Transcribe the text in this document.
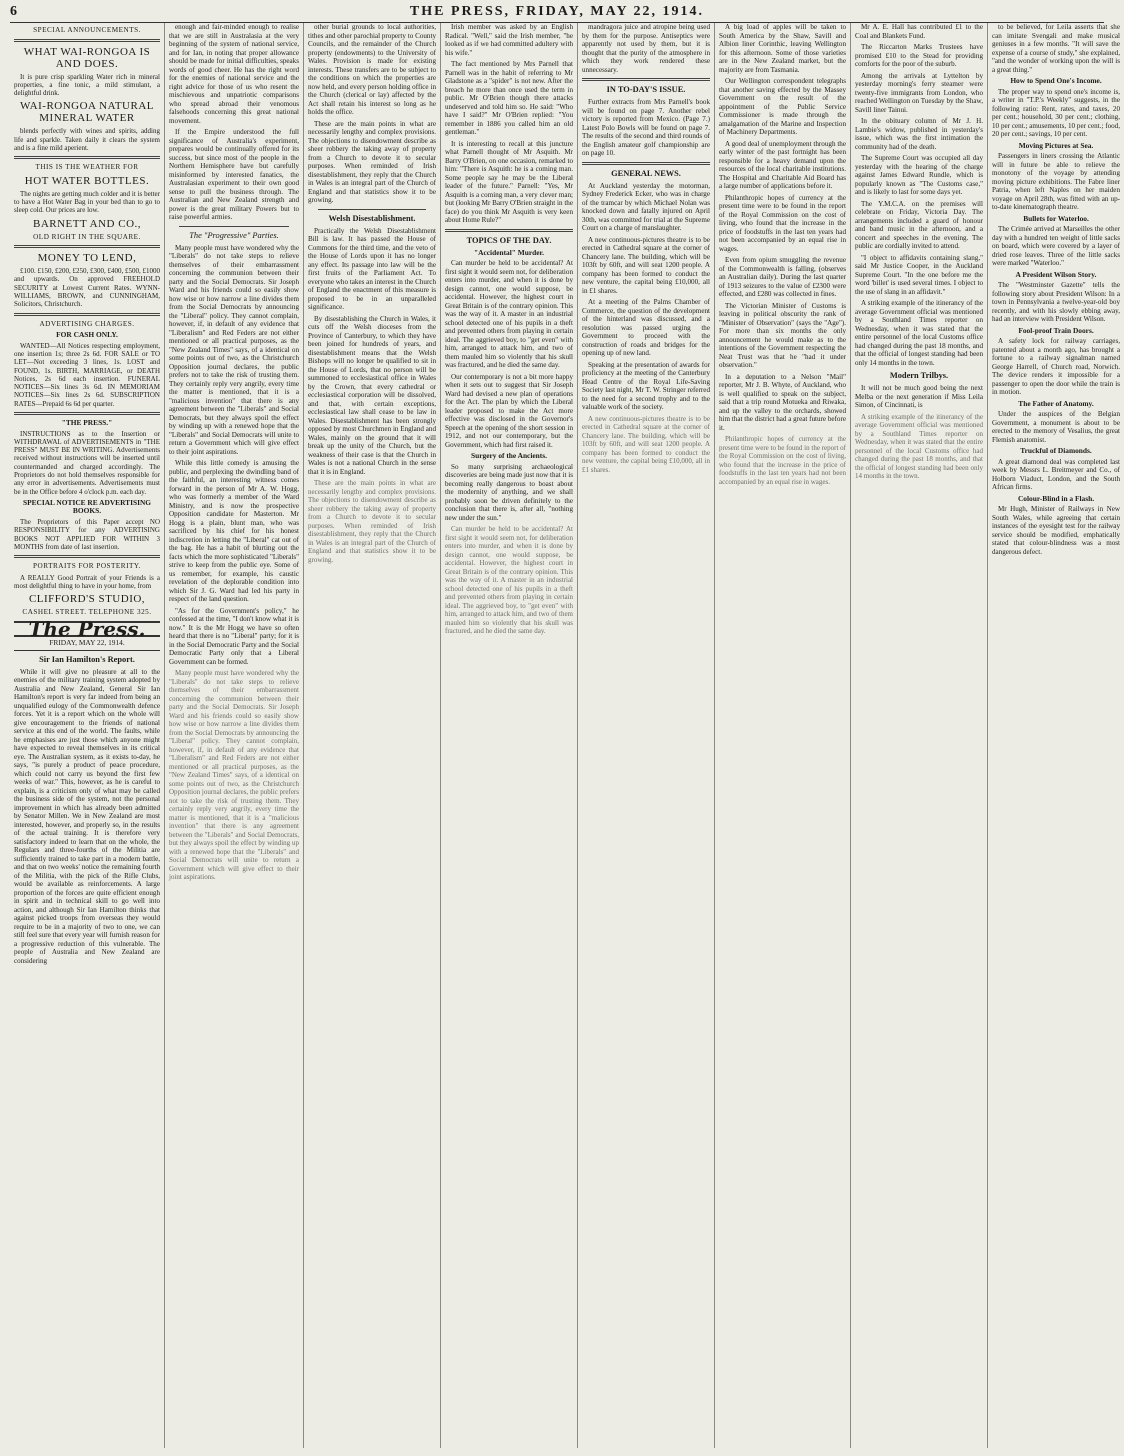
6	THE PRESS, FRIDAY, MAY 22, 1914.
SPECIAL ANNOUNCEMENTS.
WHAT WAI-RONGOA IS AND DOES.

It is pure crisp sparkling Water rich in mineral properties, a fine tonic, a mild stimulant, a delightful drink.

WAI-RONGOA NATURAL MINERAL WATER

blends perfectly with wines and spirits, adding life and sparkle. Taken daily it clears the system and is a fine mild aperient.

THIS IS THE WEATHER FOR
HOT WATER BOTTLES.

The nights are getting much colder and it is better to have a Hot Water Bag in your bed than to go to sleep cold. Our prices are low.

BARNETT AND CO.,
OLD RIGHT IN THE SQUARE.
MONEY TO LEND,

£100. £150, £200, £250, £300, £400, £500, £1000 and upwards. On approved FREEHOLD SECURITY at Lowest Current Rates. WYNN-WILLIAMS, BROWN, and CUNNINGHAM, Solicitors, Christchurch.

ADVERTISING CHARGES.
FOR CASH ONLY.

WANTED—All Notices respecting employment, one insertion 1s; three 2s 6d. FOR SALE or TO LET—Not exceeding 3 lines, 1s. LOST and FOUND, 1s. BIRTH, MARRIAGE, or DEATH Notices, 2s 6d each insertion. FUNERAL NOTICES—Six lines 3s 6d. IN MEMORIAM NOTICES—Six lines 2s 6d. SUBSCRIPTION RATES—Prepaid 6s 6d per quarter.

"THE PRESS."

INSTRUCTIONS as to the Insertion or WITHDRAWAL of ADVERTISEMENTS in "THE PRESS" MUST BE IN WRITING. Advertisements received without instructions will be inserted until countermanded and charged accordingly. The Proprietors do not hold themselves responsible for any error in advertisements. Advertisements must be in the Office before 4 o'clock p.m. each day.

SPECIAL NOTICE RE ADVERTISING BOOKS.

The Proprietors of this Paper accept NO RESPONSIBILITY for any ADVERTISING BOOKS NOT APPLIED FOR WITHIN 3 MONTHS from date of last insertion.

PORTRAITS FOR POSTERITY.

A REALLY Good Portrait of your Friends is a most delightful thing to have in your home, from

CLIFFORD'S STUDIO,
CASHEL STREET. TELEPHONE 325.
The Press.
FRIDAY, MAY 22, 1914.
Sir Ian Hamilton's Report.

While it will give no pleasure at all to the enemies of the military training system adopted by Australia and New Zealand, General Sir Ian Hamilton's report is very far indeed from being an unqualified eulogy of the Commonwealth defence forces. Yet it is a report which on the whole will give encouragement to the friends of national service at this end of the world. The faults, while he emphasises are just those which anyone might have expected to reveal themselves in its critical eye. The Australian system, as it exists to-day, he says, "is purely a product of peace procedure, which could not carry us beyond the first few weeks of war." This, however, as he is careful to explain, is a criticism only of what may be called the business side of the system, not the personal improvement in which has already been admitted by Senator Millen. We in New Zealand are most interested, however, and properly so, in the results of the actual training. It is therefore very satisfactory indeed to learn that on the whole, the Regulars and three-fourths of the Militia are sufficiently trained to take part in a modern battle, and that on two weeks' notice the remaining fourth of the Militia, with the pick of the Rifle Clubs, would be available as reinforcements. A large proportion of the forces are quite efficient enough in spirit and in technical skill to go well into action, and although Sir Ian Hamilton thinks that against picked troops from overseas they would require to be in a majority of two to one, we can still feel sure that every year will furnish reason for a progressive reduction of this vulnerable. The people of Australia and New Zealand are considering

enough and fair-minded enough to realise that we are still in Australasia at the very beginning of the system of national service, and for Ian, in noting that proper allowance should be made for initial difficulties, speaks words of good cheer. He has the right word for the enemies of national service and the right advice for those of us who resent the mischievous and unpatriotic comparisons who spread abroad their venomous falsehoods concerning this great national movement.

If the Empire understood the full significance of Australia's experiment, prepares would be continually offered for its success, but since most of the people in the Northern Hemisphere have but carefully misinformed by interested fanatics, the Australasian experiment to their own good sense to pull the business through. The Australian and New Zealand strength and power is the great military Powers but to raise powerful armies.

The "Progressive" Parties.

Many people must have wondered why the "Liberals" do not take steps to relieve themselves of their embarrassment concerning the communion between their party and the Social Democrats. Sir Joseph Ward and his friends could so easily show how wise or how narrow a line divides them from the Social Democrats by announcing the "Liberal" policy. They cannot complain, however, if, in default of any evidence that "Liberalism" and Red Feders are not either mentioned or all practical purposes, as the "New Zealand Times" says, of a identical on some points out of two, as the Christchurch Opposition journal declares, the public prefers not to take the risk of trusting them. They certainly reply very angrily, every time the matter is mentioned, that it is a "malicious invention" that there is any agreement between the "Liberals" and Social Democrats, but they always spoil the effect by winding up with a renewed hope that the "Liberals" and Social Democrats will unite to return a Government which will give effect to their joint aspirations.

While this little comedy is amusing the public, and perplexing the dwindling band of the faithful, an interesting witness comes forward in the person of Mr A. W. Hogg, who was formerly a member of the Ward Ministry, and is now the prospective Opposition candidate for Masterton. Mr Hogg is a plain, blunt man, who was sacrificed by his chief for his honest indiscretion in letting the "Liberal" cat out of the bag. He has a habit of blurting out the facts which the more sophisticated "Liberals" strive to keep from the public eye. Some of us remember, for example, his caustic revelation of the deplorable condition into which Sir J. G. Ward had led his party in respect of the land question.

"As for the Government's policy," he confessed at the time, "I don't know what it is now." It is the Mr Hogg we have so often heard that there is no "Liberal" party; for it is in the Social Democratic Party and the Social Democratic Party only that a Liberal Government can be formed.

Many people must have wondered why the "Liberals" do not take steps to relieve themselves of their embarrassment concerning the communion between their party and the Social Democrats. Sir Joseph Ward and his friends could so easily show how wise or how narrow a line divides them from the Social Democrats by announcing the "Liberal" policy. They cannot complain, however, if, in default of any evidence that "Liberalism" and Red Feders are not either mentioned or all practical purposes, as the "New Zealand Times" says, of a identical on some points out of two, as the Christchurch Opposition journal declares, the public prefers not to take the risk of trusting them. They certainly reply very angrily, every time the matter is mentioned, that it is a "malicious invention" that there is any agreement between the "Liberals" and Social Democrats, but they always spoil the effect by winding up with a renewed hope that the "Liberals" and Social Democrats will unite to return a Government which will give effect to their joint aspirations.

other burial grounds to local authorities, tithes and other parochial property to County Councils, and the remainder of the Church property (endowments) to the University of Wales. Provision is made for existing interests. These transfers are to be subject to the conditions on which the properties are now held, and every person holding office in the Church (clerical or lay) affected by the Act shall retain his interest so long as he holds the office.

These are the main points in what are necessarily lengthy and complex provisions. The objections to disendowment describe as sheer robbery the taking away of property from a Church to devote it to secular purposes. When reminded of Irish disestablishment, they reply that the Church in Wales is an integral part of the Church of England and that statistics show it to be growing.

Welsh Disestablishment.

Practically the Welsh Disestablishment Bill is law. It has passed the House of Commons for the third time, and the veto of the House of Lords upon it has no longer any effect. Its passage into law will be the first fruits of the Parliament Act. To everyone who takes an interest in the Church of England the enactment of this measure is proposed to be in an unparalleled significance.

By disestablishing the Church in Wales, it cuts off the Welsh dioceses from the Province of Canterbury, to which they have been joined for hundreds of years, and disestablishment means that the Welsh Bishops will no longer be qualified to sit in the House of Lords, that no person will be summoned to ecclesiastical office in Wales by the Crown, that every cathedral or ecclesiastical corporation will be dissolved, and that, with certain exceptions, ecclesiastical law shall cease to be law in Wales. Disestablishment has been strongly opposed by most Churchmen in England and Wales, mainly on the ground that it will break up the unity of the Church, but the weakness of their case is that the Church in Wales is not a national Church in the sense that it is in England.

These are the main points in what are necessarily lengthy and complex provisions. The objections to disendowment describe as sheer robbery the taking away of property from a Church to devote it to secular purposes. When reminded of Irish disestablishment, they reply that the Church in Wales is an integral part of the Church of England and that statistics show it to be growing.

Irish member was asked by an English Radical. "Well," said the Irish member, "he looked as if we had committed adultery with his wife."

The fact mentioned by Mrs Parnell that Parnell was in the habit of referring to Mr Gladstone as a "spider" is not new. After the breach he more than once used the term in public. Mr O'Brien though there attacks undeserved and told him so. He said: "Who have I said?" Mr O'Brien replied: "You remember in 1886 you called him an old gentleman."

It is interesting to recall at this juncture what Parnell thought of Mr Asquith. Mr Barry O'Brien, on one occasion, remarked to him: "There is Asquith: he is a coming man. Some people say he may be the Liberal leader of the future." Parnell: "Yes, Mr Asquith is a coming man, a very clever man; but (looking Mr Barry O'Brien straight in the face) do you think Mr Asquith is very keen about Home Rule?"

TOPICS OF THE DAY.
"Accidental" Murder.

Can murder be held to be accidental? At first sight it would seem not, for deliberation enters into murder, and when it is done by design cannot, one would suppose, be accidental. However, the highest court in Great Britain is of the contrary opinion. This was the way of it. A master in an industrial school detected one of his pupils in a theft and prevented others from playing in certain ideal. The aggrieved boy, to "get even" with him, arranged to attack him, and two of them mauled him so violently that his skull was fractured, and he died the same day.

Our contemporary is not a bit more happy when it sets out to suggest that Sir Joseph Ward had devised a new plan of operations for the Act. The plan by which the Liberal leader proposed to make the Act more effective was disclosed in the Governor's Speech at the opening of the short session in 1912, and not our contemporary, but the Government, which had first raised it.

Surgery of the Ancients.

So many surprising archaeological discoveries are being made just now that it is becoming really dangerous to boast about the modernity of anything, and we shall probably soon be driven definitely to the conclusion that there is, after all, "nothing new under the sun."

Can murder be held to be accidental? At first sight it would seem not, for deliberation enters into murder, and when it is done by design cannot, one would suppose, be accidental. However, the highest court in Great Britain is of the contrary opinion. This was the way of it. A master in an industrial school detected one of his pupils in a theft and prevented others from playing in certain ideal. The aggrieved boy, to "get even" with him, arranged to attack him, and two of them mauled him so violently that his skull was fractured, and he died the same day.

mandragora juice and atropine being used by them for the purpose. Antiseptics were apparently not used by them, but it is thought that the purity of the atmosphere in which they work rendered these unnecessary.

IN TO-DAY'S ISSUE.

Further extracts from Mrs Parnell's book will be found on page 7. Another rebel victory is reported from Mexico. (Page 7.) Latest Polo Bowls will be found on page 7. The results of the second and third rounds of the English amateur golf championship are on page 10.

GENERAL NEWS.

At Auckland yesterday the motorman, Sydney Frederick Ecker, who was in charge of the tramcar by which Michael Nolan was knocked down and fatally injured on April 30th, was committed for trial at the Supreme Court on a charge of manslaughter.

A new continuous-pictures theatre is to be erected in Cathedral square at the corner of Chancery lane. The building, which will be 103ft by 60ft, and will seat 1200 people. A company has been formed to conduct the new venture, the capital being £10,000, all in £1 shares.

At a meeting of the Palms Chamber of Commerce, the question of the development of the hinterland was discussed, and a resolution was passed urging the Government to proceed with the construction of roads and bridges for the opening up of new land.

Speaking at the presentation of awards for proficiency at the meeting of the Canterbury Head Centre of the Royal Life-Saving Society last night, Mr T. W. Stringer referred to the need for a second trophy and to the valuable work of the society.

A new continuous-pictures theatre is to be erected in Cathedral square at the corner of Chancery lane. The building, which will be 103ft by 60ft, and will seat 1200 people. A company has been formed to conduct the new venture, the capital being £10,000, all in £1 shares.

A big load of apples will be taken to South America by the Shaw, Savill and Albion liner Corinthic, leaving Wellington for this afternoon. Some of those varieties are in the New Zealand market, but the majority are from Tasmania.

Our Wellington correspondent telegraphs that another saving effected by the Massey Government on the result of the appointment of the Public Service Commissioner is made through the amalgamation of the Marine and Inspection of Machinery Departments.

A good deal of unemployment through the early winter of the past fortnight has been responsible for a heavy demand upon the resources of the local charitable institutions. The Hospital and Charitable Aid Board has a large number of applications before it.

Philanthropic hopes of currency at the present time were to be found in the report of the Royal Commission on the cost of living, who found that the increase in the price of foodstuffs in the last ten years had not been accompanied by an equal rise in wages.

Even from opium smuggling the revenue of the Commonwealth is falling, (observes an Australian daily). During the last quarter of 1913 seizures to the value of £2300 were effected, and £280 was collected in fines.

The Victorian Minister of Customs is leaving in political obscurity the rank of "Minister of Observation" (says the "Age"). For more than six months the only announcement he would make as to the intentions of the Government respecting the Neat Trust was that he "had it under observation."

In a deputation to a Nelson "Mail" reporter, Mr J. B. Whyte, of Auckland, who is well qualified to speak on the subject, said that a trip round Motueka and Riwaka, and up the valley to the orchards, showed him that the district had a great future before it.

Philanthropic hopes of currency at the present time were to be found in the report of the Royal Commission on the cost of living, who found that the increase in the price of foodstuffs in the last ten years had not been accompanied by an equal rise in wages.

Mr A. E. Hall has contributed £1 to the Coal and Blankets Fund.

The Riccarton Marks Trustees have promised £10 to the Stead for providing comforts for the poor of the suburb.

Among the arrivals at Lyttelton by yesterday morning's ferry steamer were twenty-five immigrants from London, who reached Wellington on Tuesday by the Shaw, Savill liner Tainui.

In the obituary column of Mr J. H. Lambie's widow, published in yesterday's issue, which was the first intimation the community had of the death.

The Supreme Court was occupied all day yesterday with the hearing of the charge against James Edward Rundle, which is popularly known as "The Customs case," and is likely to last for some days yet.

The Y.M.C.A. on the premises will celebrate on Friday, Victoria Day. The arrangements included a guard of honour and band music in the afternoon, and a concert and speeches in the evening. The public are cordially invited to attend.

"I object to affidavits containing slang," said Mr Justice Cooper, in the Auckland Supreme Court. "In the one before me the word 'billet' is used several times. I object to the use of slang in an affidavit."

A striking example of the itinerancy of the average Government official was mentioned by a Southland Times reporter on Wednesday, when it was stated that the entire personnel of the local Customs office had changed during the past 18 months, and that the official of longest standing had been only 14 months in the town.

Modern Trilbys.

It will not be much good being the next Melba or the next generation if Miss Leila Simon, of Cincinnati, is

A striking example of the itinerancy of the average Government official was mentioned by a Southland Times reporter on Wednesday, when it was stated that the entire personnel of the local Customs office had changed during the past 18 months, and that the official of longest standing had been only 14 months in the town.

to be believed, for Leila asserts that she can imitate Svengali and make musical geniuses in a few months. "It will save the expense of a course of study," she explained, "and the wonder of working upon the will is a great thing."

How to Spend One's Income.

The proper way to spend one's income is, a writer in "T.P.'s Weekly" suggests, in the following ratio: Rent, rates, and taxes, 20 per cent.; household, 30 per cent.; clothing, 10 per cent.; amusements, 10 per cent.; food, 20 per cent.; savings, 10 per cent.

Moving Pictures at Sea.

Passengers in liners crossing the Atlantic will in future be able to relieve the monotony of the voyage by attending moving picture exhibitions. The Fabre liner Patria, when left Naples on her maiden voyage on April 28th, was fitted with an up-to-date kinematograph theatre.

Bullets for Waterloo.

The Crimée arrived at Marseilles the other day with a hundred ten weight of little sacks on board, which were covered by a layer of dried rose leaves. Three of the little sacks were marked "Waterloo."

A President Wilson Story.

The "Westminster Gazette" tells the following story about President Wilson: In a town in Pennsylvania a twelve-year-old boy recently, and with his slowly ebbing away, had an interview with President Wilson.

Fool-proof Train Doors.

A safety lock for railway carriages, patented about a month ago, has brought a fortune to a railway signalman named George Harrell, of Church road, Norwich. The device renders it impossible for a passenger to open the door while the train is in motion.

The Father of Anatomy.

Under the auspices of the Belgian Government, a monument is about to be erected to the memory of Vesalius, the great Flemish anatomist.

Truckful of Diamonds.

A great diamond deal was completed last week by Messrs L. Breitmeyer and Co., of Holborn Viaduct, London, and the South African firms.

Colour-Blind in a Flash.

Mr Hugh, Minister of Railways in New South Wales, while agreeing that certain instances of the eyesight test for the railway service should be modified, emphatically stated that colour-blindness was a most dangerous defect.
